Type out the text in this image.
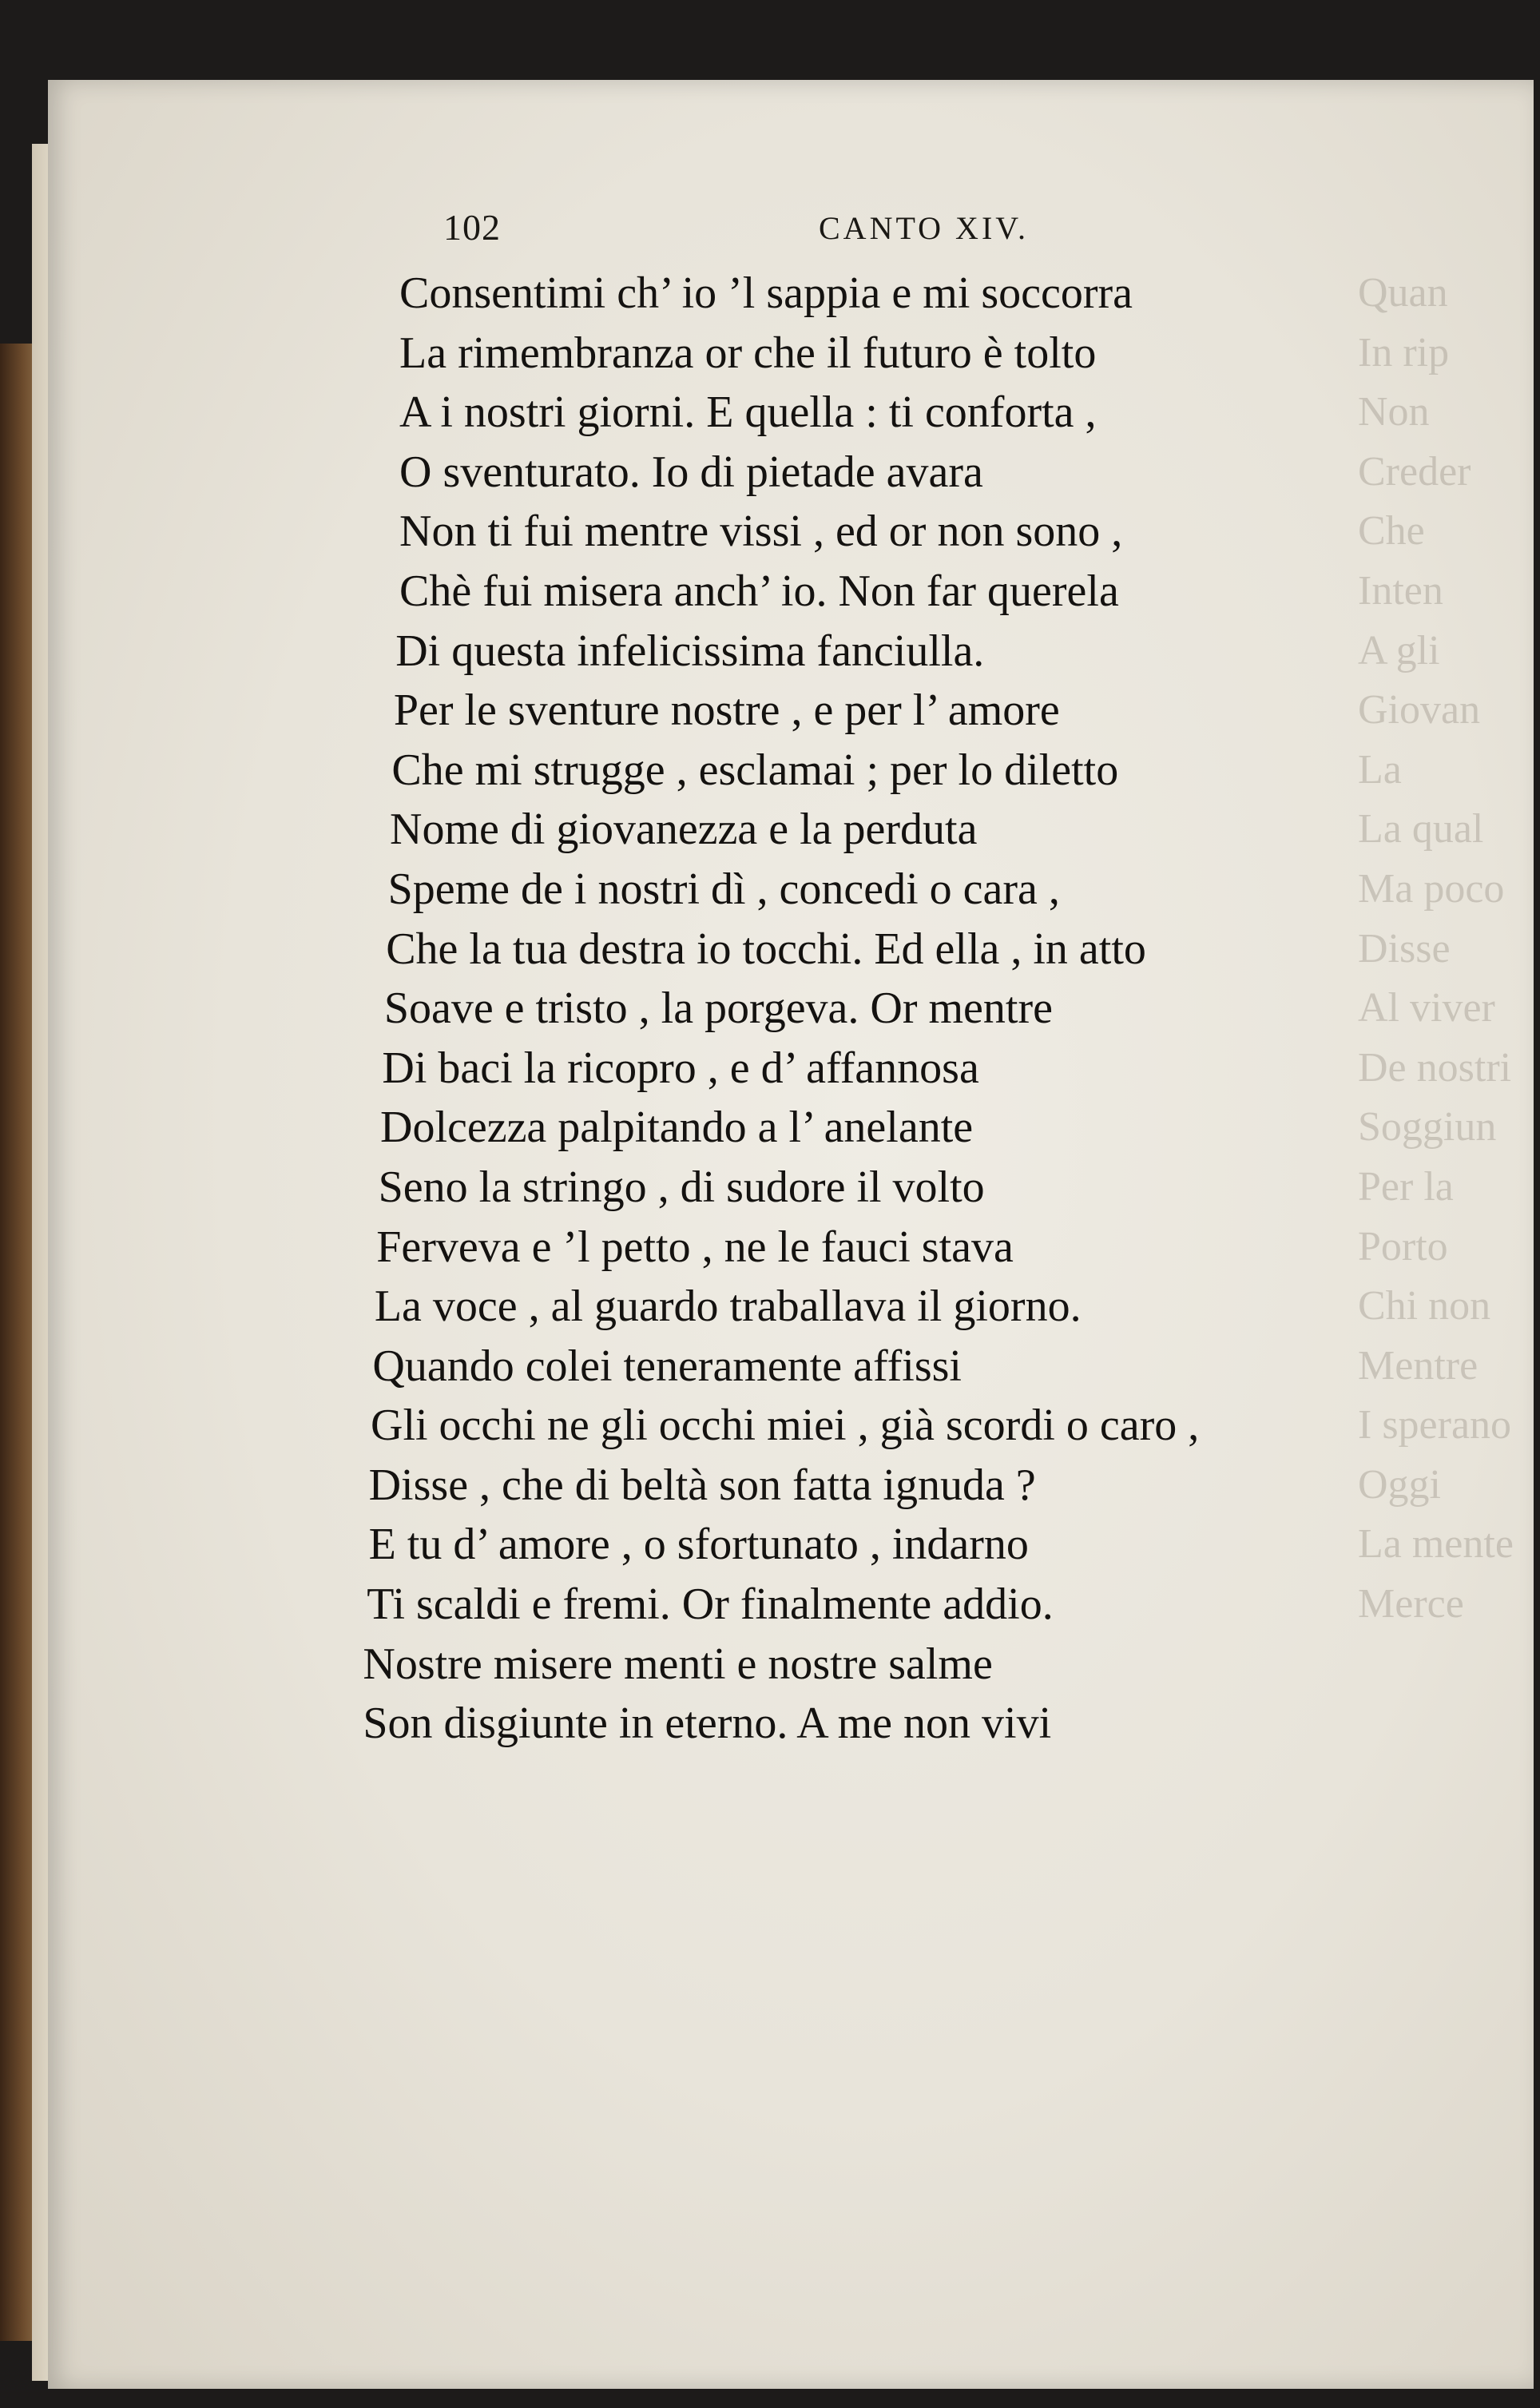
102	CANTO XIV.
Quan
In rip
Non
Creder
Che
Inten
A gli
Giovan
La
La qual
Ma poco
Disse
Al viver
De nostri
Soggiun
Per la
Porto
Chi non
Mentre
I sperano
Oggi
La mente
Merce
Consentimi ch’ io ’l sappia e mi soccorra
La rimembranza or che il futuro è tolto
A i nostri giorni. E quella : ti conforta ,
O sventurato. Io di pietade avara
Non ti fui mentre vissi , ed or non sono ,
Chè fui misera anch’ io. Non far querela
Di questa infelicissima fanciulla.
Per le sventure nostre , e per l’ amore
Che mi strugge , esclamai ; per lo diletto
Nome di giovanezza e la perduta
Speme de i nostri dì , concedi o cara ,
Che la tua destra io tocchi. Ed ella , in atto
Soave e tristo , la porgeva. Or mentre
Di baci la ricopro , e d’ affannosa
Dolcezza palpitando a l’ anelante
Seno la stringo , di sudore il volto
Ferveva e ’l petto , ne le fauci stava
La voce , al guardo traballava il giorno.
Quando colei teneramente affissi
Gli occhi ne gli occhi miei , già scordi o caro ,
Disse , che di beltà son fatta ignuda ?
E tu d’ amore , o sfortunato , indarno
Ti scaldi e fremi. Or finalmente addio.
Nostre misere menti e nostre salme
Son disgiunte in eterno. A me non vivi
